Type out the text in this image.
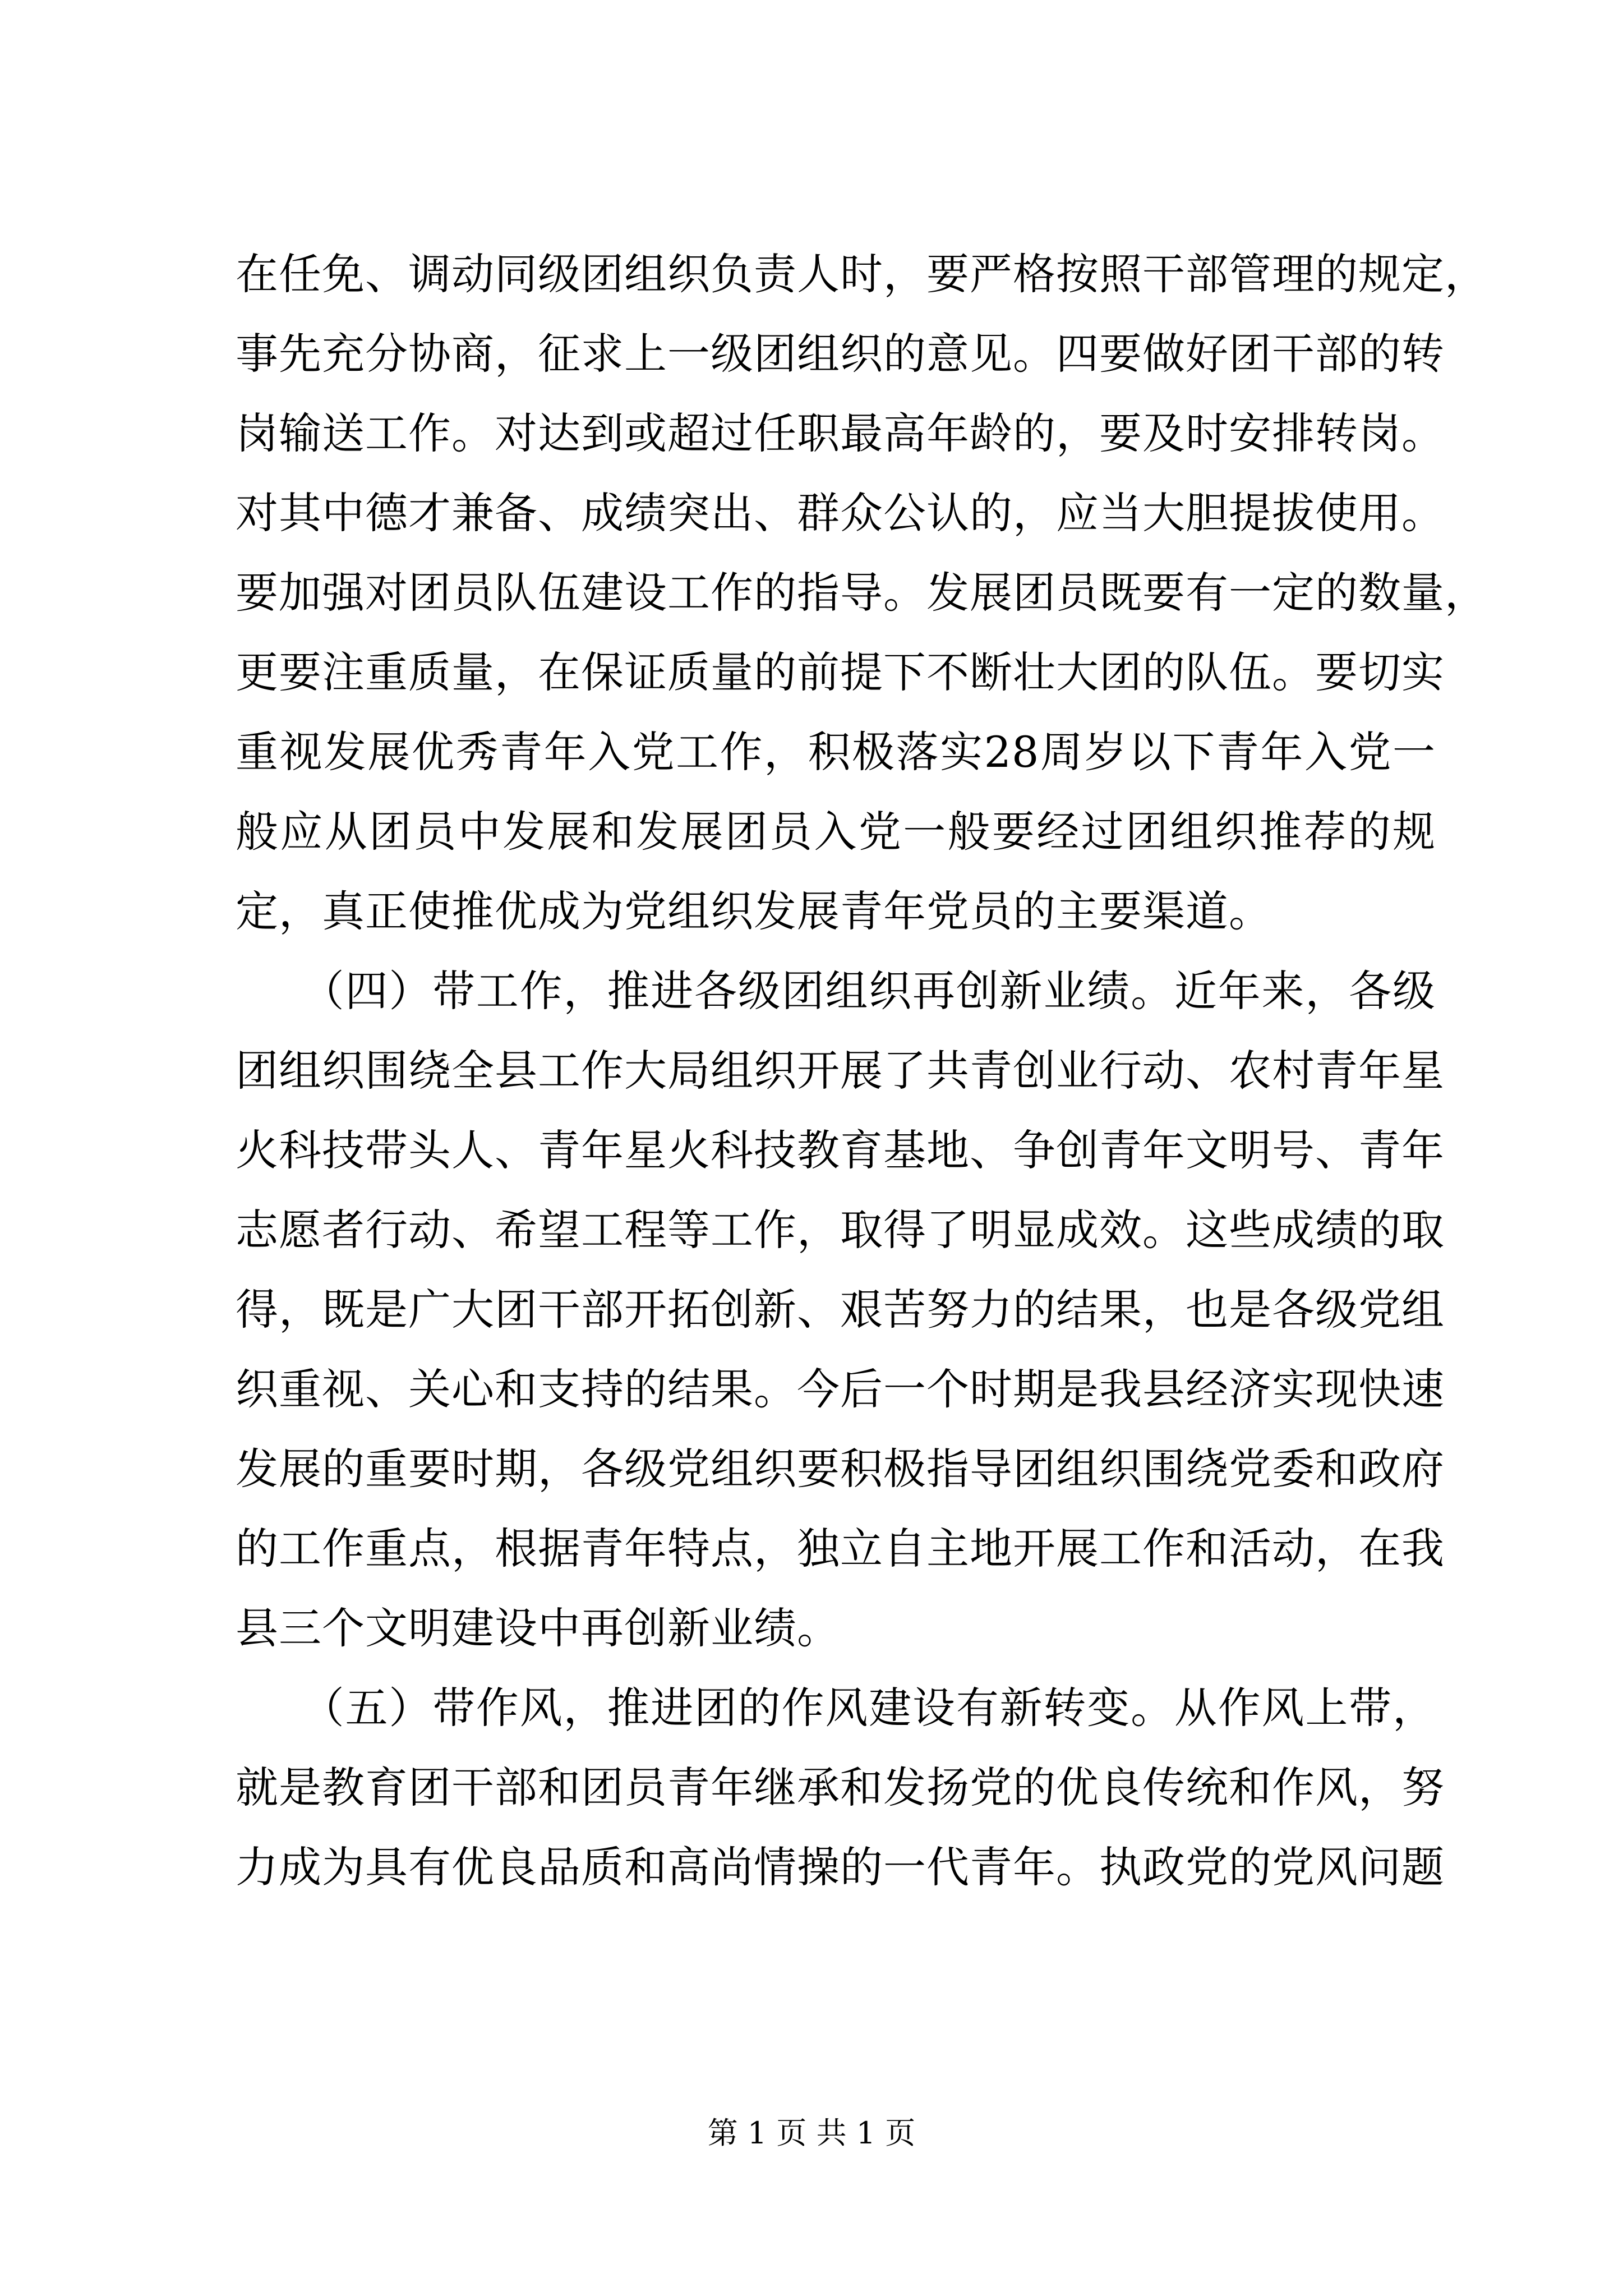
在任免、调动同级团组织负责人时，要严格按照干部管理的规定，
事先充分协商，征求上一级团组织的意见。四要做好团干部的转
岗输送工作。对达到或超过任职最高年龄的，要及时安排转岗。
对其中德才兼备、成绩突出、群众公认的，应当大胆提拔使用。
要加强对团员队伍建设工作的指导。发展团员既要有一定的数量，
更要注重质量，在保证质量的前提下不断壮大团的队伍。要切实
重视发展优秀青年入党工作，积极落实28周岁以下青年入党一
般应从团员中发展和发展团员入党一般要经过团组织推荐的规
定，真正使推优成为党组织发展青年党员的主要渠道。
　　（四）带工作，推进各级团组织再创新业绩。近年来，各级
团组织围绕全县工作大局组织开展了共青创业行动、农村青年星
火科技带头人、青年星火科技教育基地、争创青年文明号、青年
志愿者行动、希望工程等工作，取得了明显成效。这些成绩的取
得，既是广大团干部开拓创新、艰苦努力的结果，也是各级党组
织重视、关心和支持的结果。今后一个时期是我县经济实现快速
发展的重要时期，各级党组织要积极指导团组织围绕党委和政府
的工作重点，根据青年特点，独立自主地开展工作和活动，在我
县三个文明建设中再创新业绩。
　　（五）带作风，推进团的作风建设有新转变。从作风上带，
就是教育团干部和团员青年继承和发扬党的优良传统和作风，努
力成为具有优良品质和高尚情操的一代青年。执政党的党风问题
第 1 页 共 1 页
